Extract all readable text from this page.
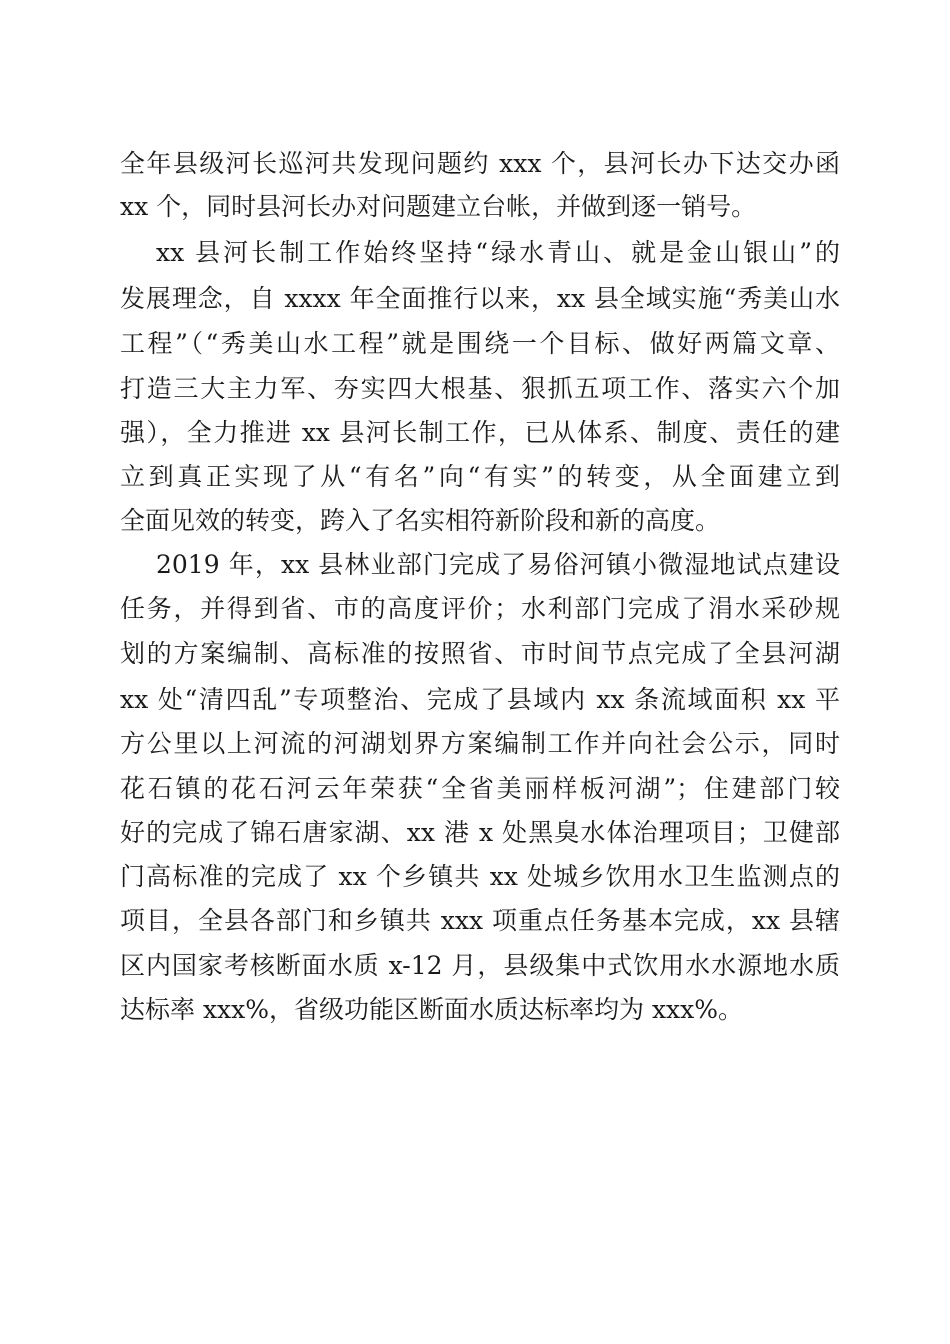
全年县级河长巡河共发现问题约 xxx 个，县河长办下达交办函
xx 个，同时县河长办对问题建立台帐，并做到逐一销号。
xx 县河长制工作始终坚持“绿水青山、就是金山银山”的
发展理念，自 xxxx 年全面推行以来，xx 县全域实施“秀美山水
工程”（“秀美山水工程”就是围绕一个目标、做好两篇文章、
打造三大主力军、夯实四大根基、狠抓五项工作、落实六个加
强），全力推进 xx 县河长制工作，已从体系、制度、责任的建
立到真正实现了从“有名”向“有实”的转变，从全面建立到
全面见效的转变，跨入了名实相符新阶段和新的高度。
2019 年，xx 县林业部门完成了易俗河镇小微湿地试点建设
任务，并得到省、市的高度评价；水利部门完成了涓水采砂规
划的方案编制、高标准的按照省、市时间节点完成了全县河湖
xx 处“清四乱”专项整治、完成了县域内 xx 条流域面积 xx 平
方公里以上河流的河湖划界方案编制工作并向社会公示，同时
花石镇的花石河云年荣获“全省美丽样板河湖”；住建部门较
好的完成了锦石唐家湖、xx 港 x 处黑臭水体治理项目；卫健部
门高标准的完成了 xx 个乡镇共 xx 处城乡饮用水卫生监测点的
项目，全县各部门和乡镇共 xxx 项重点任务基本完成，xx 县辖
区内国家考核断面水质 x-12 月，县级集中式饮用水水源地水质
达标率 xxx%，省级功能区断面水质达标率均为 xxx%。
